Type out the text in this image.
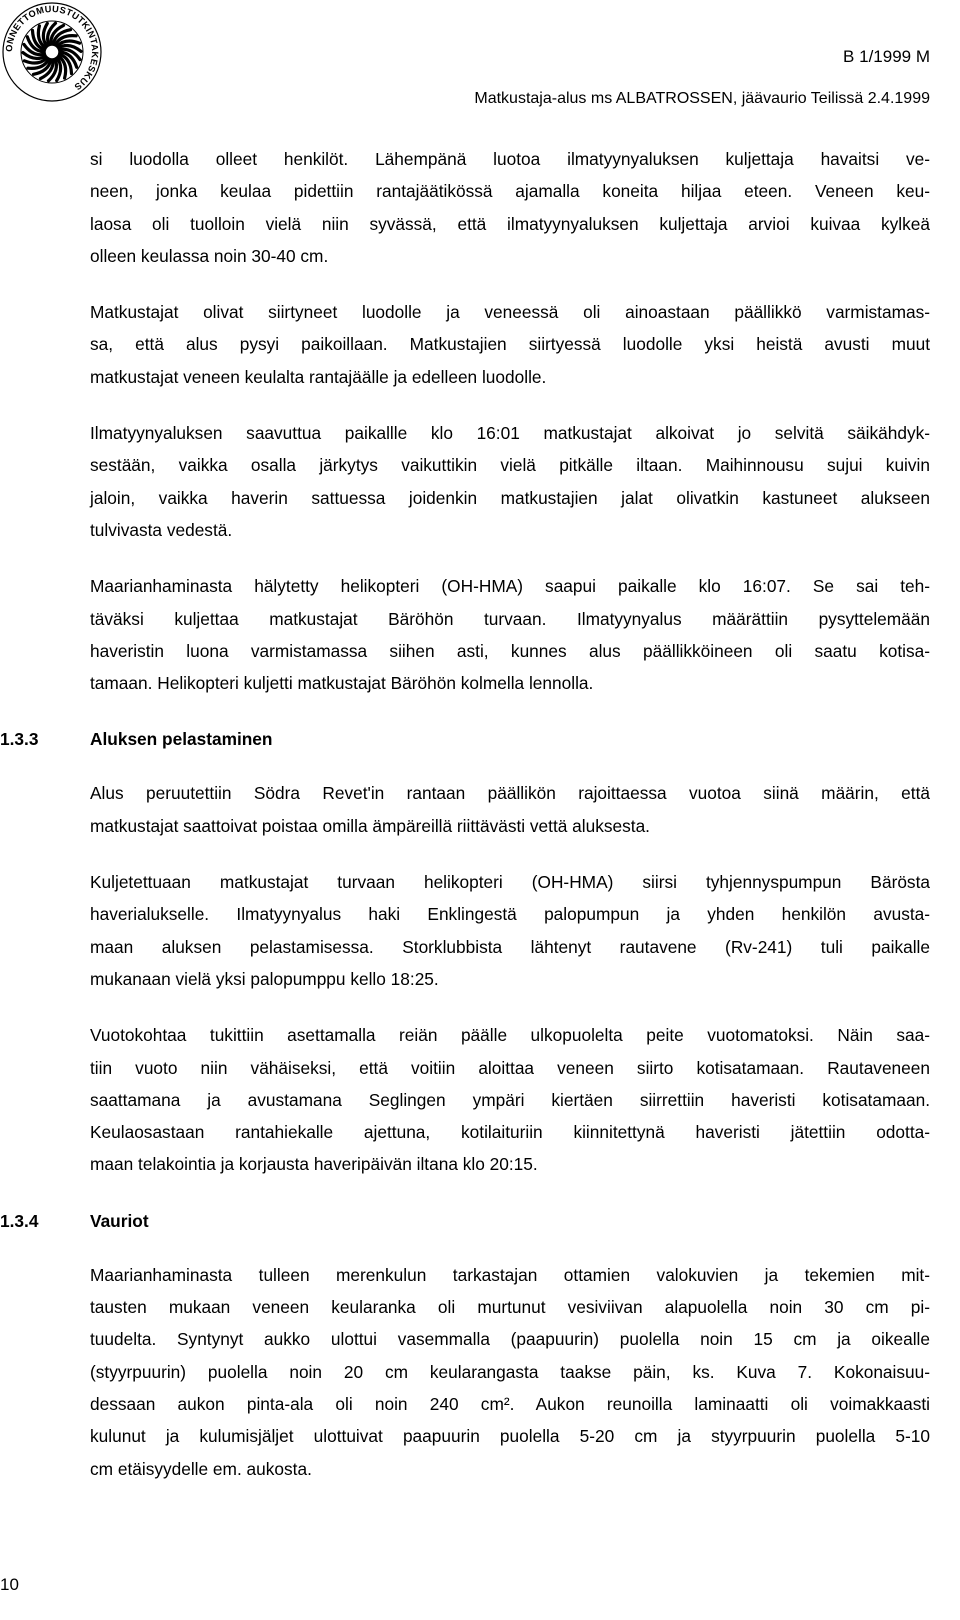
ONNETTOMUUSTUTKINTAKESKUS
B 1/1999 M
Matkustaja-alus ms ALBATROSSEN, jäävaurio Teilissä 2.4.1999
si luodolla olleet henkilöt. Lähempänä luotoa ilmatyynyaluksen kuljettaja havaitsi ve-
neen, jonka keulaa pidettiin rantajäätikössä ajamalla koneita hiljaa eteen. Veneen keu-
laosa oli tuolloin vielä niin syvässä, että ilmatyynyaluksen kuljettaja arvioi kuivaa kylkeä
olleen keulassa noin 30-40 cm.
Matkustajat olivat siirtyneet luodolle ja veneessä oli ainoastaan päällikkö varmistamas-
sa, että alus pysyi paikoillaan. Matkustajien siirtyessä luodolle yksi heistä avusti muut
matkustajat veneen keulalta rantajäälle ja edelleen luodolle.
Ilmatyynyaluksen saavuttua paikallle klo 16:01 matkustajat alkoivat jo selvitä säikähdyk-
sestään, vaikka osalla järkytys vaikuttikin vielä pitkälle iltaan. Maihinnousu sujui kuivin
jaloin, vaikka haverin sattuessa joidenkin matkustajien jalat olivatkin kastuneet alukseen
tulvivasta vedestä.
Maarianhaminasta hälytetty helikopteri (OH-HMA) saapui paikalle klo 16:07. Se sai teh-
täväksi kuljettaa matkustajat Bäröhön turvaan. Ilmatyynyalus määrättiin pysyttelemään
haveristin luona varmistamassa siihen asti, kunnes alus päällikköineen oli saatu kotisa-
tamaan. Helikopteri kuljetti matkustajat Bäröhön kolmella lennolla.
1.3.3	Aluksen pelastaminen
Alus peruutettiin Södra Revet'in rantaan päällikön rajoittaessa vuotoa siinä määrin, että
matkustajat saattoivat poistaa omilla ämpäreillä riittävästi vettä aluksesta.
Kuljetettuaan matkustajat turvaan helikopteri (OH-HMA) siirsi tyhjennyspumpun Bärösta
haverialukselle. Ilmatyynyalus haki Enklingestä palopumpun ja yhden henkilön avusta-
maan aluksen pelastamisessa. Storklubbista lähtenyt rautavene (Rv-241) tuli paikalle
mukanaan vielä yksi palopumppu kello 18:25.
Vuotokohtaa tukittiin asettamalla reiän päälle ulkopuolelta peite vuotomatoksi. Näin saa-
tiin vuoto niin vähäiseksi, että voitiin aloittaa veneen siirto kotisatamaan. Rautaveneen
saattamana ja avustamana Seglingen ympäri kiertäen siirrettiin haveristi kotisatamaan.
Keulaosastaan rantahiekalle ajettuna, kotilaituriin kiinnitettynä haveristi jätettiin odotta-
maan telakointia ja korjausta haveripäivän iltana klo 20:15.
1.3.4	Vauriot
Maarianhaminasta tulleen merenkulun tarkastajan ottamien valokuvien ja tekemien mit-
tausten mukaan veneen keularanka oli murtunut vesiviivan alapuolella noin 30 cm pi-
tuudelta. Syntynyt aukko ulottui vasemmalla (paapuurin) puolella noin 15 cm ja oikealle
(styyrpuurin) puolella noin 20 cm keularangasta taakse päin, ks. Kuva 7. Kokonaisuu-
dessaan aukon pinta-ala oli noin 240 cm². Aukon reunoilla laminaatti oli voimakkaasti
kulunut ja kulumisjäljet ulottuivat paapuurin puolella 5-20 cm ja styyrpuurin puolella 5-10
cm etäisyydelle em. aukosta.
10
